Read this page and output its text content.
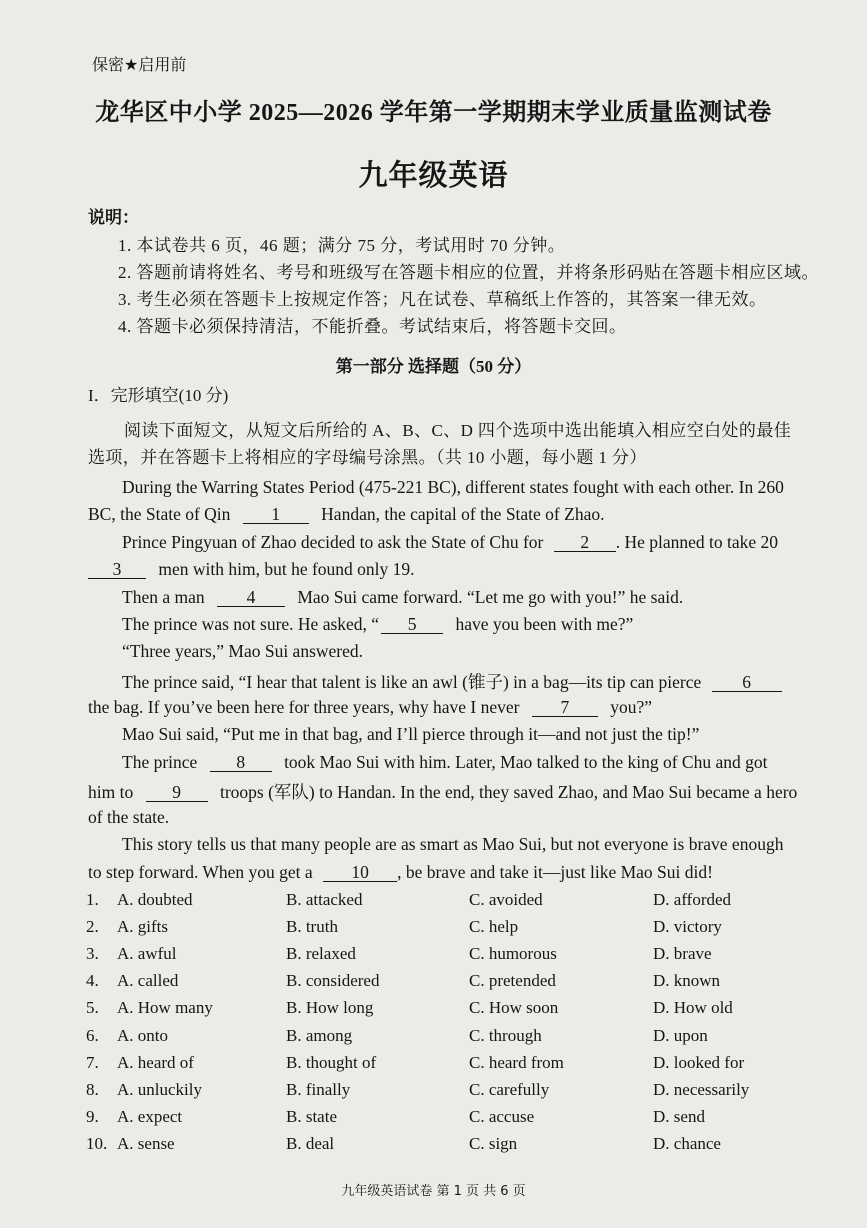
保密★启用前
龙华区中小学 2025—2026 学年第一学期期末学业质量监测试卷
九年级英语
说明：
1. 本试卷共 6 页，46 题；满分 75 分，考试用时 70 分钟。
2. 答题前请将姓名、考号和班级写在答题卡相应的位置，并将条形码贴在答题卡相应区域。
3. 考生必须在答题卡上按规定作答；凡在试卷、草稿纸上作答的，其答案一律无效。
4. 答题卡必须保持清洁，不能折叠。考试结束后，将答题卡交回。
第一部分 选择题（50 分）
I．完形填空(10 分)
阅读下面短文，从短文后所给的 A、B、C、D 四个选项中选出能填入相应空白处的最佳
选项，并在答题卡上将相应的字母编号涂黑。（共 10 小题，每小题 1 分）
During the Warring States Period (475-221 BC), different states fought with each other. In 260
BC, the State of Qin 1 Handan, the capital of the State of Zhao.
Prince Pingyuan of Zhao decided to ask the State of Chu for 2 . He planned to take 20
3 men with him, but he found only 19.
Then a man 4 Mao Sui came forward. “Let me go with you!” he said.
The prince was not sure. He asked, “ 5 have you been with me?”
“Three years,” Mao Sui answered.
The prince said, “I hear that talent is like an awl (锥子) in a bag—its tip can pierce 6
the bag. If you’ve been here for three years, why have I never 7 you?”
Mao Sui said, “Put me in that bag, and I’ll pierce through it—and not just the tip!”
The prince 8 took Mao Sui with him. Later, Mao talked to the king of Chu and got
him to 9 troops (军队) to Handan. In the end, they saved Zhao, and Mao Sui became a hero
of the state.
This story tells us that many people are as smart as Mao Sui, but not everyone is brave enough
to step forward. When you get a 10 , be brave and take it—just like Mao Sui did!
1. A. doubted	B. attacked	C. avoided	D. afforded
2. A. gifts	B. truth	C. help	D. victory
3. A. awful	B. relaxed	C. humorous	D. brave
4. A. called	B. considered	C. pretended	D. known
5. A. How many	B. How long	C. How soon	D. How old
6. A. onto	B. among	C. through	D. upon
7. A. heard of	B. thought of	C. heard from	D. looked for
8. A. unluckily	B. finally	C. carefully	D. necessarily
9. A. expect	B. state	C. accuse	D. send
10. A. sense	B. deal	C. sign	D. chance
九年级英语试卷 第 1 页 共 6 页
